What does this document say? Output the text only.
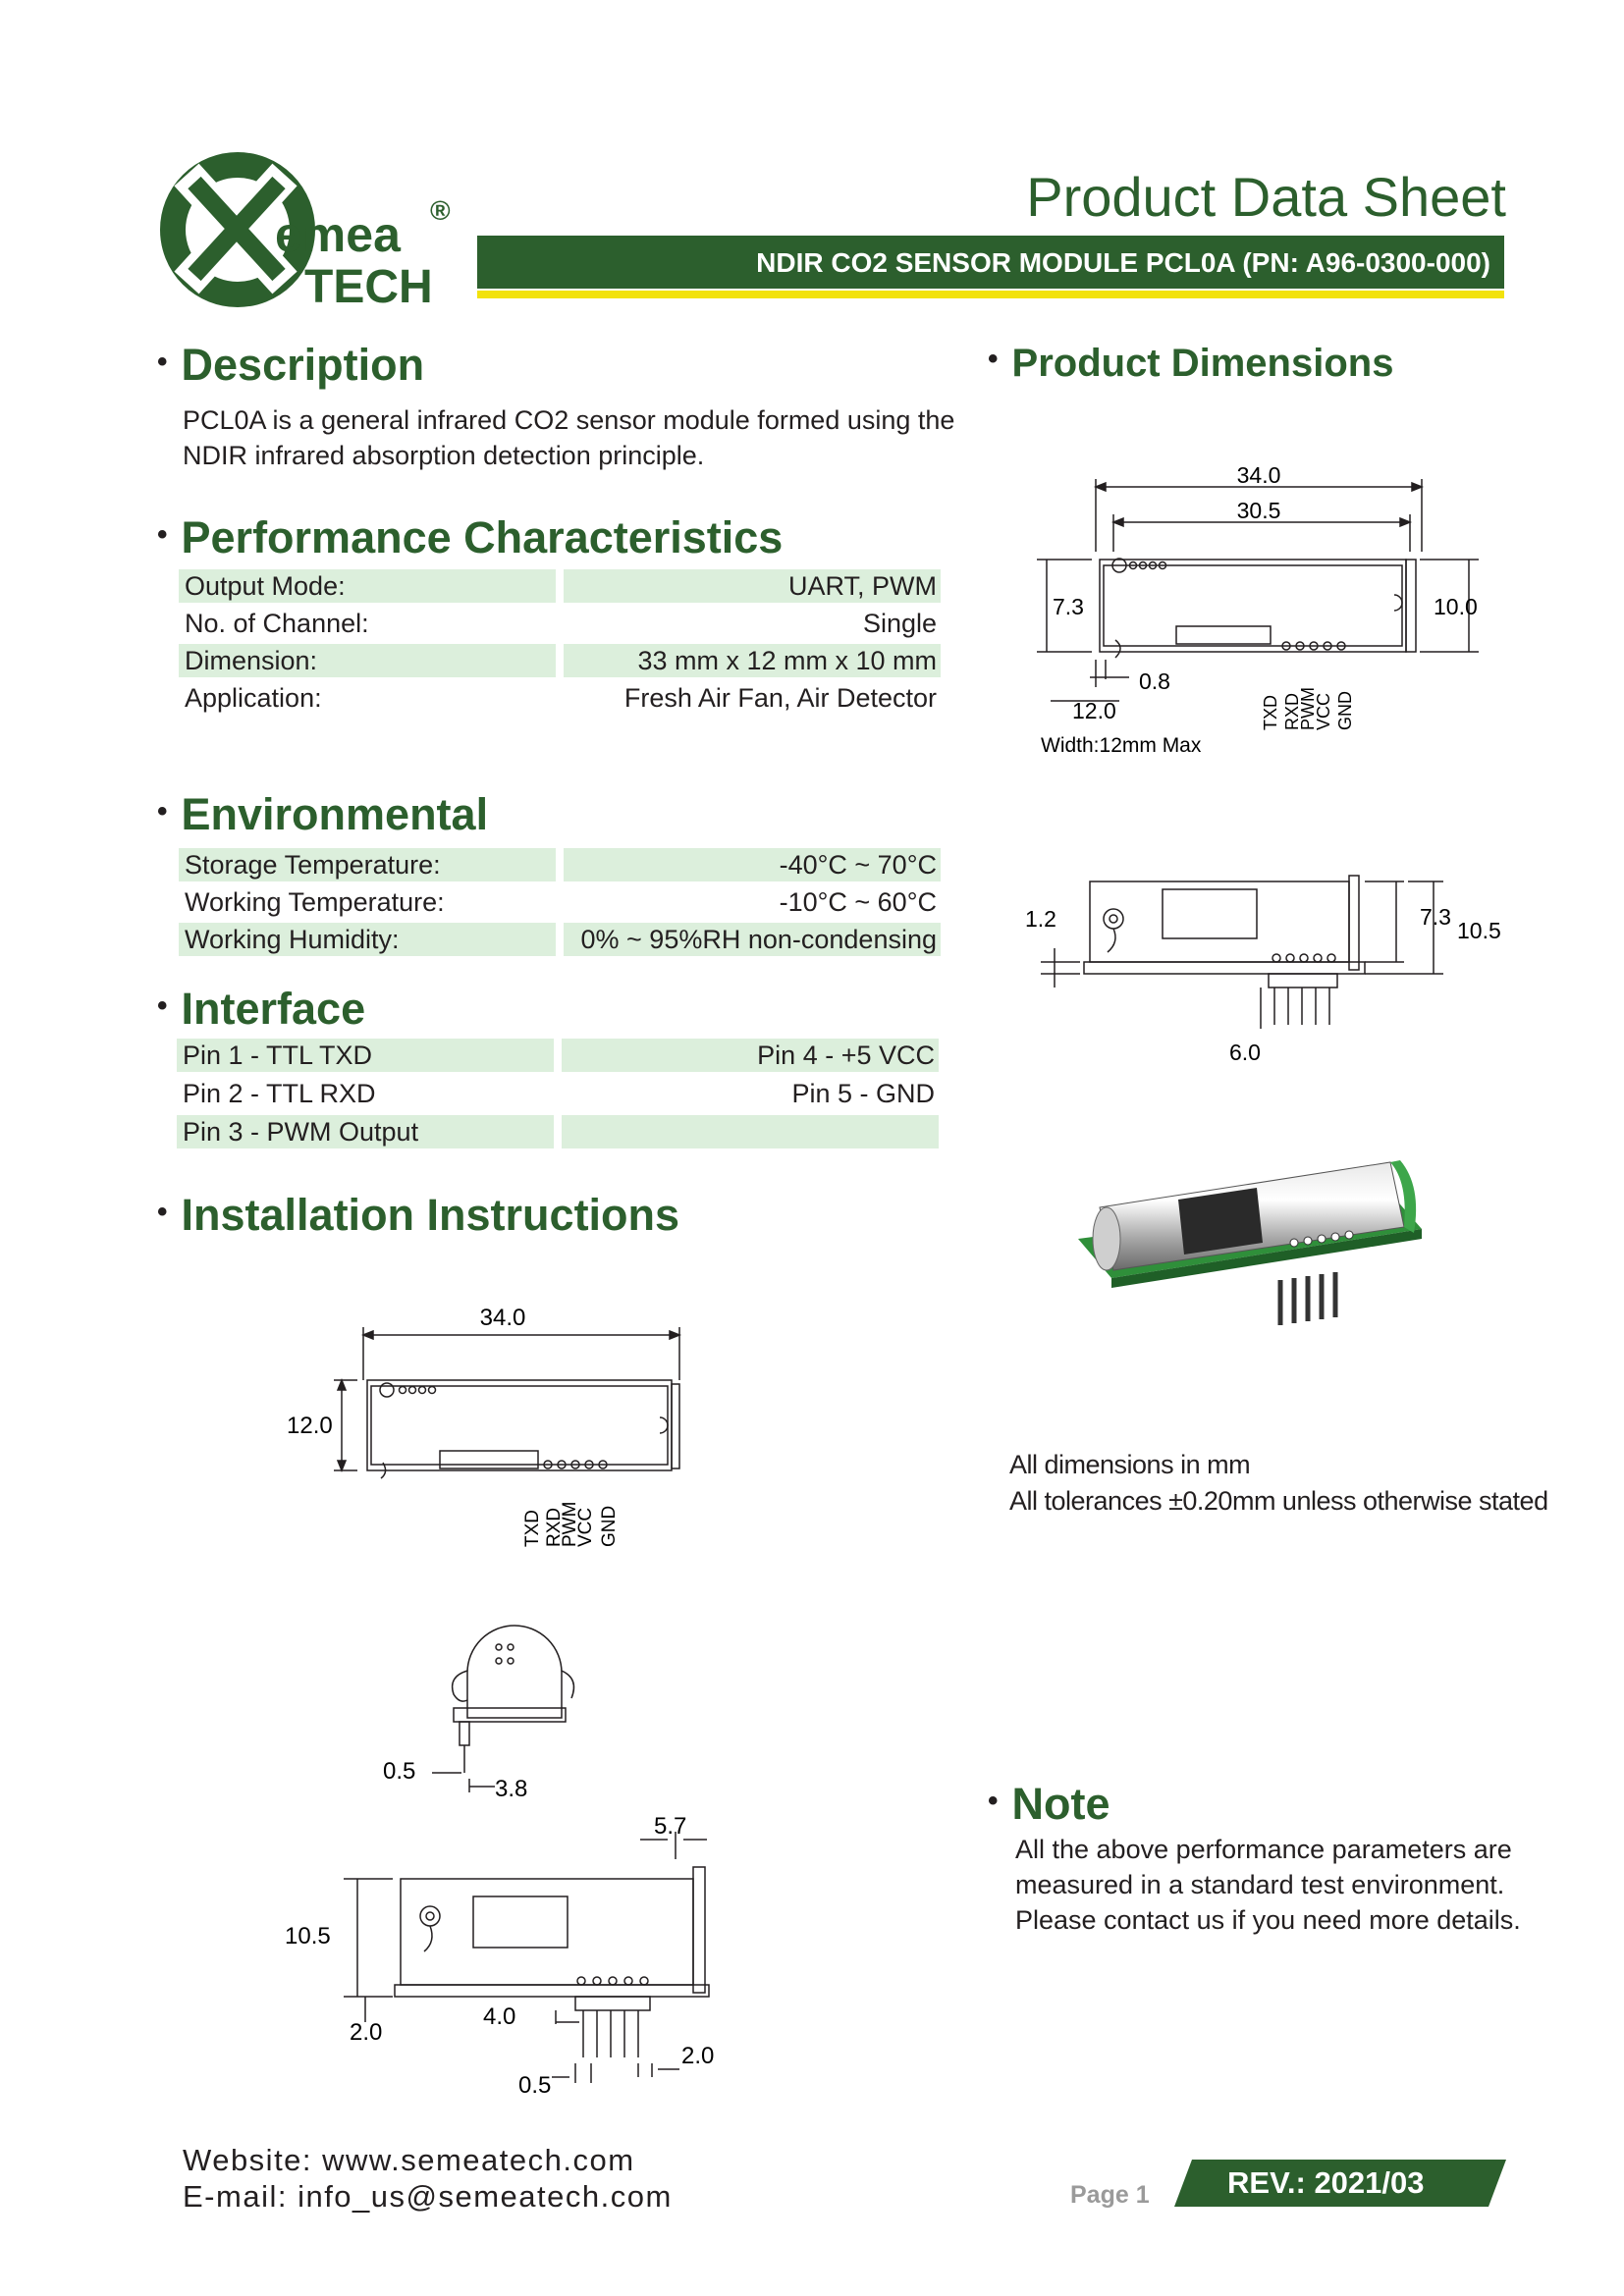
emea
TECH
®	Product Data Sheet
NDIR CO2 SENSOR MODULE PCL0A (PN: A96-0300-000)
• Description
PCL0A is a general infrared CO2 sensor module formed using the
NDIR infrared absorption detection principle.
• Performance Characteristics
Output Mode:	UART, PWM
No. of Channel:	Single
Dimension:	33 mm x 12 mm x 10 mm
Application:	Fresh Air Fan, Air Detector
• Environmental
Storage Temperature:	-40°C ~ 70°C
Working Temperature:	-10°C ~ 60°C
Working Humidity:	0% ~ 95%RH non-condensing
• Interface
Pin 1 - TTL TXD	Pin 4 - +5 VCC
Pin 2 - TTL RXD	Pin 5 - GND
Pin 3 - PWM Output
• Installation Instructions
34.0
12.0
TXD RXD
PWM
VCC GND
0.5
3.8
5.7
10.5
2.0
4.0
0.5
2.0
• Product Dimensions
34.0
30.5
7.3	10.0
0.8
12.0
Width:12mm Max
TXD RXD
PWM
VCC GND
1.2	7.3
10.5
6.0
All dimensions in mm
All tolerances ±0.20mm unless otherwise stated
• Note
All the above performance parameters are
measured in a standard test environment.
Please contact us if you need more details.
Website: www.semeatech.com
E-mail: info_us@semeatech.com	Page 1	REV.: 2021/03
